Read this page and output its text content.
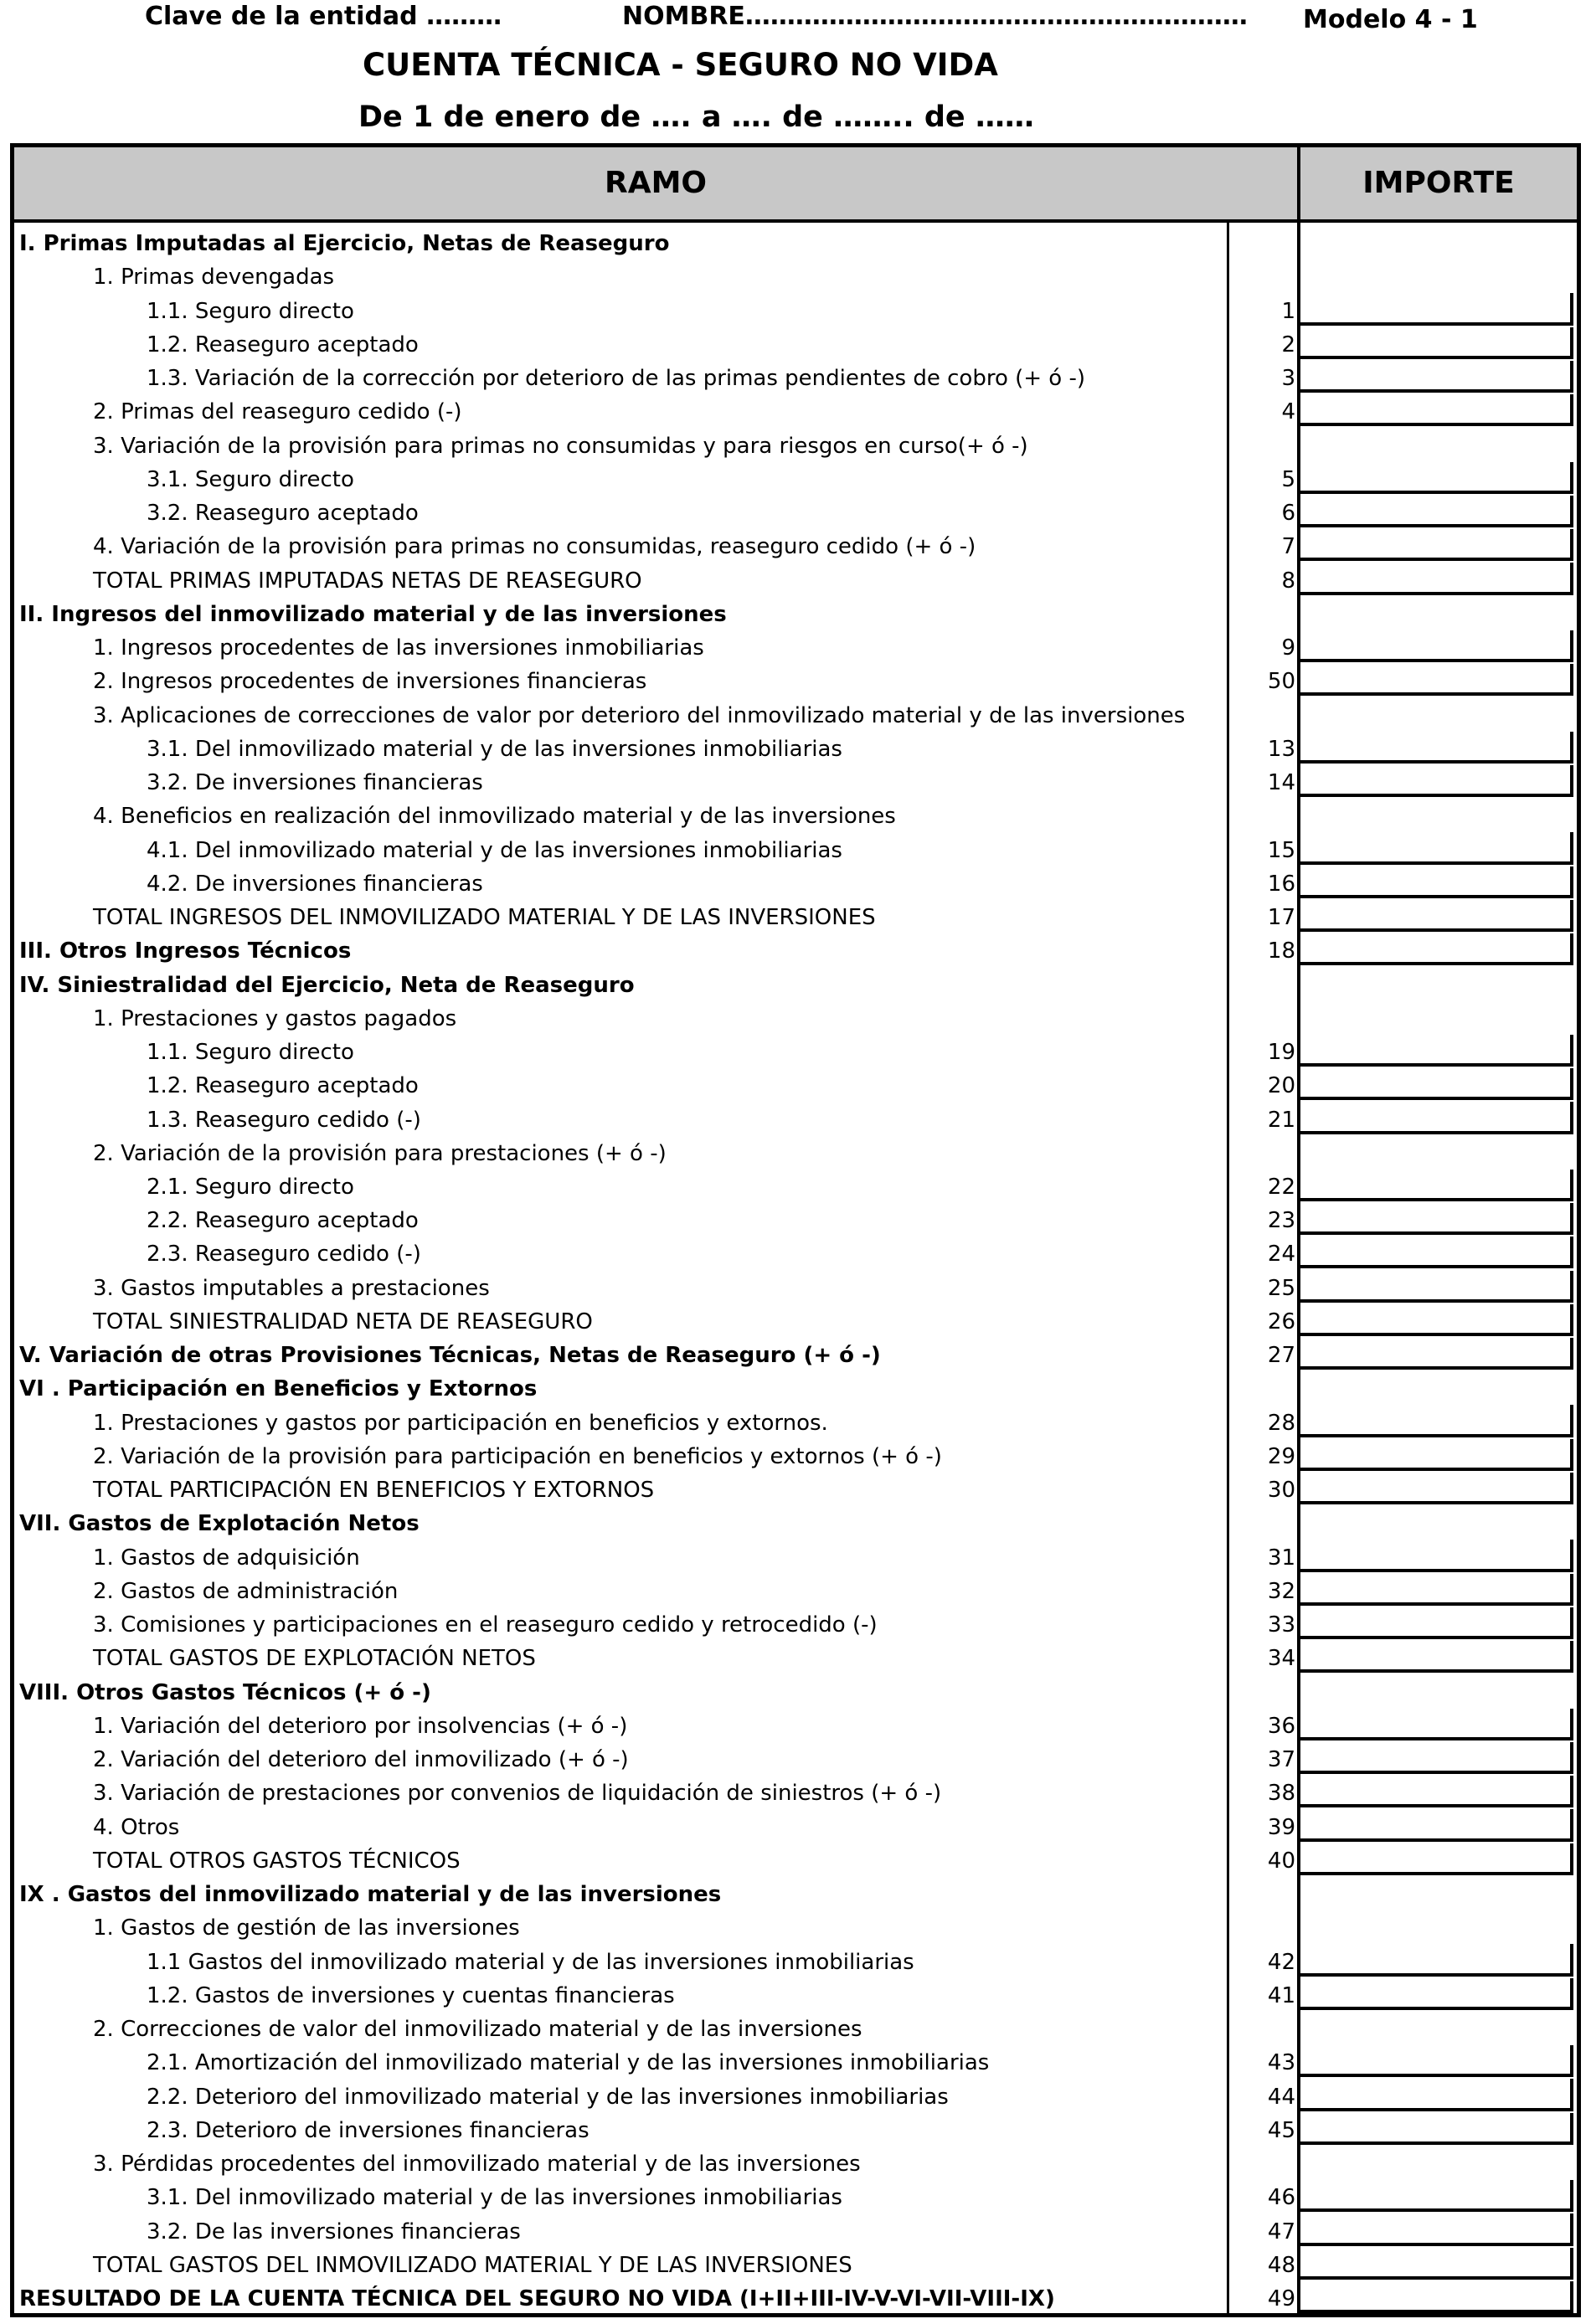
Clave de la entidad ………	NOMBRE…………………………………………………… Modelo 4 - 1
CUENTA TÉCNICA - SEGURO NO VIDA
De 1 de enero de …. a …. de …….. de ……
RAMO	IMPORTE
I. Primas Imputadas al Ejercicio, Netas de Reaseguro
1. Primas devengadas
1.1. Seguro directo	1
1.2. Reaseguro aceptado	2
1.3. Variación de la corrección por deterioro de las primas pendientes de cobro (+ ó -)	3
2. Primas del reaseguro cedido (-)	4
3. Variación de la provisión para primas no consumidas y para riesgos en curso(+ ó -)
3.1. Seguro directo	5
3.2. Reaseguro aceptado	6
4. Variación de la provisión para primas no consumidas, reaseguro cedido (+ ó -)	7
TOTAL PRIMAS IMPUTADAS NETAS DE REASEGURO	8
II. Ingresos del inmovilizado material y de las inversiones
1. Ingresos procedentes de las inversiones inmobiliarias	9
2. Ingresos procedentes de inversiones financieras	50
3. Aplicaciones de correcciones de valor por deterioro del inmovilizado material y de las inversiones
3.1. Del inmovilizado material y de las inversiones inmobiliarias	13
3.2. De inversiones financieras	14
4. Beneficios en realización del inmovilizado material y de las inversiones
4.1. Del inmovilizado material y de las inversiones inmobiliarias	15
4.2. De inversiones financieras	16
TOTAL INGRESOS DEL INMOVILIZADO MATERIAL Y DE LAS INVERSIONES	17
III. Otros Ingresos Técnicos	18
IV. Siniestralidad del Ejercicio, Neta de Reaseguro
1. Prestaciones y gastos pagados
1.1. Seguro directo	19
1.2. Reaseguro aceptado	20
1.3. Reaseguro cedido (-)	21
2. Variación de la provisión para prestaciones (+ ó -)
2.1. Seguro directo	22
2.2. Reaseguro aceptado	23
2.3. Reaseguro cedido (-)	24
3. Gastos imputables a prestaciones	25
TOTAL SINIESTRALIDAD NETA DE REASEGURO	26
V. Variación de otras Provisiones Técnicas, Netas de Reaseguro (+ ó -)	27
VI . Participación en Beneficios y Extornos
1. Prestaciones y gastos por participación en beneficios y extornos.	28
2. Variación de la provisión para participación en beneficios y extornos (+ ó -)	29
TOTAL PARTICIPACIÓN EN BENEFICIOS Y EXTORNOS	30
VII. Gastos de Explotación Netos
1. Gastos de adquisición	31
2. Gastos de administración	32
3. Comisiones y participaciones en el reaseguro cedido y retrocedido (-)	33
TOTAL GASTOS DE EXPLOTACIÓN NETOS	34
VIII. Otros Gastos Técnicos (+ ó -)
1. Variación del deterioro por insolvencias (+ ó -)	36
2. Variación del deterioro del inmovilizado (+ ó -)	37
3. Variación de prestaciones por convenios de liquidación de siniestros (+ ó -)	38
4. Otros	39
TOTAL OTROS GASTOS TÉCNICOS	40
IX . Gastos del inmovilizado material y de las inversiones
1. Gastos de gestión de las inversiones
1.1 Gastos del inmovilizado material y de las inversiones inmobiliarias	42
1.2. Gastos de inversiones y cuentas financieras	41
2. Correcciones de valor del inmovilizado material y de las inversiones
2.1. Amortización del inmovilizado material y de las inversiones inmobiliarias	43
2.2. Deterioro del inmovilizado material y de las inversiones inmobiliarias	44
2.3. Deterioro de inversiones financieras	45
3. Pérdidas procedentes del inmovilizado material y de las inversiones
3.1. Del inmovilizado material y de las inversiones inmobiliarias	46
3.2. De las inversiones financieras	47
TOTAL GASTOS DEL INMOVILIZADO MATERIAL Y DE LAS INVERSIONES	48
RESULTADO DE LA CUENTA TÉCNICA DEL SEGURO NO VIDA (I+II+III-IV-V-VI-VII-VIII-IX)	49
